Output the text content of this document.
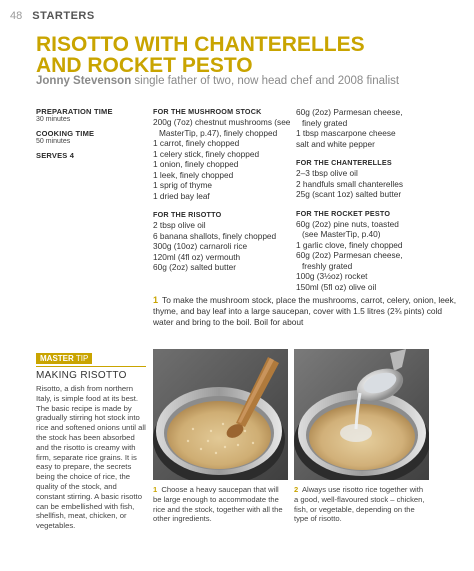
48 STARTERS
RISOTTO WITH CHANTERELLES
AND ROCKET PESTO
Jonny Stevenson single father of two, now head chef and 2008 finalist
PREPARATION TIME
30 minutes
COOKING TIME
50 minutes
SERVES 4
FOR THE MUSHROOM STOCK
200g (7oz) chestnut mushrooms (see
MasterTip, p.47), finely chopped
1 carrot, finely chopped
1 celery stick, finely chopped
1 onion, finely chopped
1 leek, finely chopped
1 sprig of thyme
1 dried bay leaf
FOR THE RISOTTO
2 tbsp olive oil
6 banana shallots, finely chopped
300g (10oz) carnaroli rice
120ml (4fl oz) vermouth
60g (2oz) salted butter
60g (2oz) Parmesan cheese,
finely grated
1 tbsp mascarpone cheese
salt and white pepper
FOR THE CHANTERELLES
2–3 tbsp olive oil
2 handfuls small chanterelles
25g (scant 1oz) salted butter
FOR THE ROCKET PESTO
60g (2oz) pine nuts, toasted
(see MasterTip, p.40)
1 garlic clove, finely chopped
60g (2oz) Parmesan cheese,
freshly grated
100g (3½oz) rocket
150ml (5fl oz) olive oil

1 To make the mushroom stock, place the mushrooms, carrot, celery, onion, leek, thyme, and bay leaf into a large saucepan, cover with 1.5 litres (2¾ pints) cold water and bring to the boil. Boil for about

MASTER TIP
MAKING RISOTTO
Risotto, a dish from northern Italy, is simple food at its best. The basic recipe is made by gradually stirring hot stock into rice and softened onions until all the stock has been absorbed and the risotto is creamy with firm, separate rice grains. It is easy to prepare, the secrets being the choice of rice, the quality of the stock, and constant stirring. A basic risotto can be embellished with fish, shellfish, meat, chicken, or vegetables.

1 Choose a heavy saucepan that will be large enough to accommodate the rice and the stock, together with all the other ingredients.

2 Always use risotto rice together with a good, well-flavoured stock – chicken, fish, or vegetable, depending on the type of risotto.
